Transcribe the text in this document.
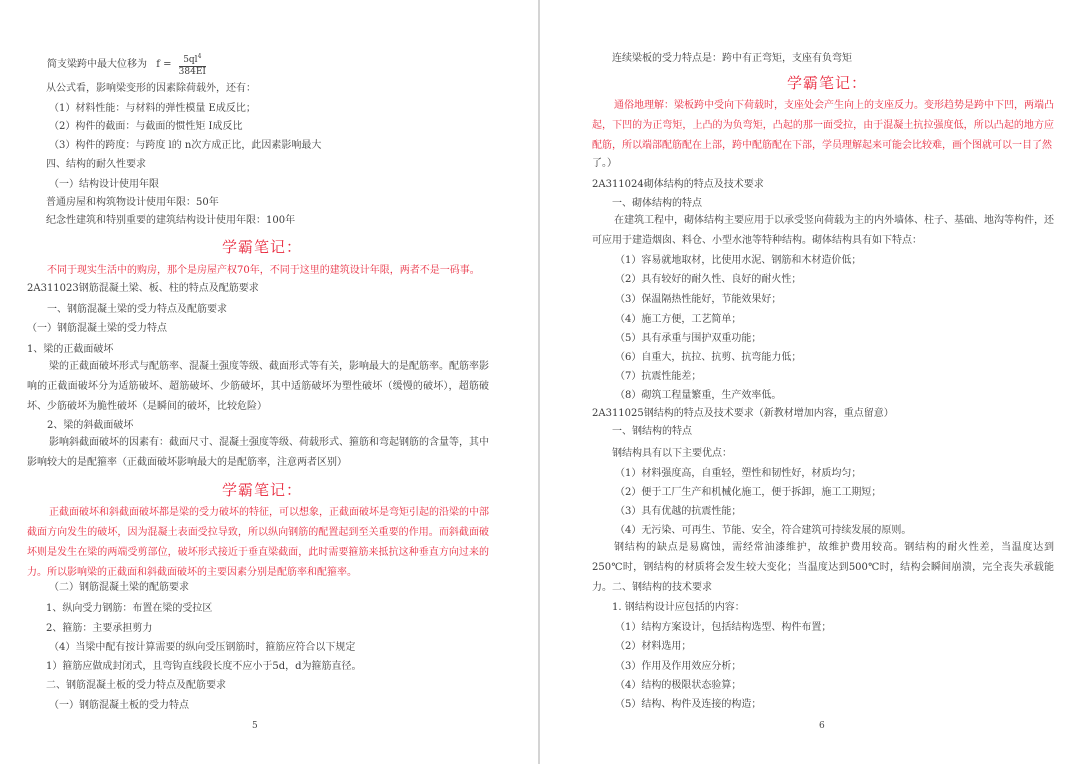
简支梁跨中最大位移为 $f = \frac{5ql^4}{384EI}$
从公式看，影响梁变形的因素除荷载外，还有：
（1）材料性能：与材料的弹性模量 E成反比；
（2）构件的截面：与截面的惯性矩 I成反比
（3）构件的跨度：与跨度 l的 n次方成正比，此因素影响最大
四、结构的耐久性要求
（一）结构设计使用年限
普通房屋和构筑物设计使用年限：50年
纪念性建筑和特别重要的建筑结构设计使用年限：100年
学霸笔记：
不同于现实生活中的购房，那个是房屋产权70年，不同于这里的建筑设计年限，两者不是一码事。
2A311023钢筋混凝土梁、板、柱的特点及配筋要求
一、钢筋混凝土梁的受力特点及配筋要求
（一）钢筋混凝土梁的受力特点
1、梁的正截面破坏
梁的正截面破坏形式与配筋率、混凝土强度等级、截面形式等有关，影响最大的是配筋率。配筋率影响的正截面破坏分为适筋破坏、超筋破坏、少筋破坏，其中适筋破坏为塑性破坏（缓慢的破坏），超筋破坏、少筋破坏为脆性破坏（是瞬间的破坏，比较危险）
2、梁的斜截面破坏
影响斜截面破坏的因素有：截面尺寸、混凝土强度等级、荷载形式、箍筋和弯起钢筋的含量等，其中影响较大的是配箍率（正截面破坏影响最大的是配筋率，注意两者区别）
学霸笔记：
正截面破坏和斜截面破坏都是梁的受力破坏的特征，可以想象，正截面破坏是弯矩引起的沿梁的中部截面方向发生的破坏，因为混凝土表面受拉导致，所以纵向钢筋的配置起到至关重要的作用。而斜截面破坏则是发生在梁的两端受剪部位，破坏形式接近于垂直梁截面，此时需要箍筋来抵抗这种垂直方向过来的力。所以影响梁的正截面和斜截面破坏的主要因素分别是配筋率和配箍率。
（二）钢筋混凝土梁的配筋要求
1、纵向受力钢筋：布置在梁的受拉区
2、箍筋：主要承担剪力
（4）当梁中配有按计算需要的纵向受压钢筋时，箍筋应符合以下规定
1）箍筋应做成封闭式，且弯钩直线段长度不应小于5d，d为箍筋直径。
二、钢筋混凝土板的受力特点及配筋要求
（一）钢筋混凝土板的受力特点
5
连续梁板的受力特点是：跨中有正弯矩，支座有负弯矩
学霸笔记：
通俗地理解：梁板跨中受向下荷载时，支座处会产生向上的支座反力。变形趋势是跨中下凹，两端凸起，下凹的为正弯矩，上凸的为负弯矩，凸起的那一面受拉，由于混凝土抗拉强度低，所以凸起的地方应配筋，所以端部配筋配在上部，跨中配筋配在下部，学员理解起来可能会比较难，画个图就可以一目了然
了。）
2A311024砌体结构的特点及技术要求
一、砌体结构的特点
在建筑工程中，砌体结构主要应用于以承受竖向荷载为主的内外墙体、柱子、基础、地沟等构件，还可应用于建造烟囱、料仓、小型水池等特种结构。砌体结构具有如下特点：
（1）容易就地取材，比使用水泥、钢筋和木材造价低；
（2）具有较好的耐久性、良好的耐火性；
（3）保温隔热性能好，节能效果好；
（4）施工方便，工艺简单；
（5）具有承重与围护双重功能；
（6）自重大，抗拉、抗剪、抗弯能力低；
（7）抗震性能差；
（8）砌筑工程量繁重，生产效率低。
2A311025钢结构的特点及技术要求（新教材增加内容，重点留意）
一、钢结构的特点
钢结构具有以下主要优点：
（1）材料强度高，自重轻，塑性和韧性好，材质均匀；
（2）便于工厂生产和机械化施工，便于拆卸，施工工期短；
（3）具有优越的抗震性能；
（4）无污染、可再生、节能、安全，符合建筑可持续发展的原则。
钢结构的缺点是易腐蚀，需经常油漆维护，故维护费用较高。钢结构的耐火性差，当温度达到250℃时，钢结构的材质将会发生较大变化；当温度达到500℃时，结构会瞬间崩溃，完全丧失承载能力。 二、钢结构的技术要求
1. 钢结构设计应包括的内容：
（1）结构方案设计，包括结构选型、构件布置；
（2）材料选用；
（3）作用及作用效应分析；
（4）结构的极限状态验算；
（5）结构、构件及连接的构造；
6
